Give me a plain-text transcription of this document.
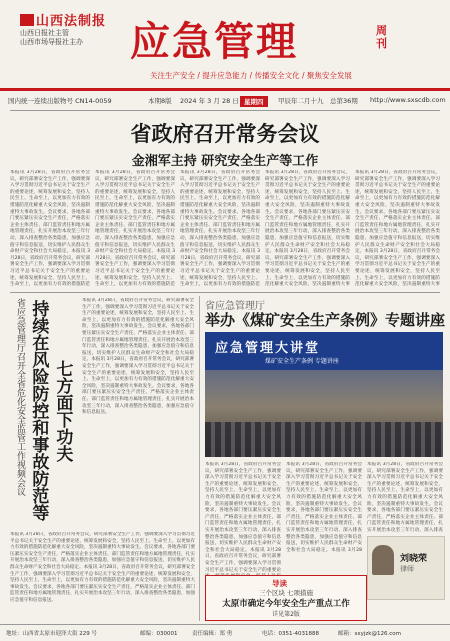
山西法制报
山西日报社主管
山西市场导报社主办 应急管理	周刊
关注生产安全 / 提升应急能力 / 传播安全文化 / 聚焦安全发展
国内统一连续出版物号 CN14-0059	本期8版 2024 年 3 月 28 日 星期四	甲辰年二月十九 总第36期 http://www.sxscdb.com
省政府召开常务会议
金湘军主持 研究安全生产等工作
本报讯 3月28日，省政府召开常务会议，研究部署安全生产工作，强调要深入学习贯彻习近平总书记关于安全生产的重要论述，统筹发展和安全，坚持人民至上、生命至上，以更加有力有效的措施防范化解重大安全风险，坚决遏制重特大事故发生。会议要求，各地各部门要压紧压实安全生产责任，严格落实企业主体责任、部门监管责任和地方属地管理责任，扎实开展治本攻坚三年行动，深入排查整治各类隐患，加强应急值守和信息报送，切实维护人民群众生命财产安全和社会大局稳定。本报讯 3月28日，省政府召开常务会议，研究部署安全生产工作，强调要深入学习贯彻习近平总书记关于安全生产的重要论述，统筹发展和安全，坚持人民至上、生命至上，以更加有力有效的措施防范化解重大安全风险，坚决遏制重特大事故发生。会议要求，各地各部门要压紧压实安全生产责任，严格落实企业主体责任、部门监管责任和地方属地管理责任，扎实开展治本攻坚三年行动，深入排查整治各类隐患，加强应急值守和信息报送。
本报讯 3月28日，省政府召开常务会议，研究部署安全生产工作，强调要深入学习贯彻习近平总书记关于安全生产的重要论述，统筹发展和安全，坚持人民至上、生命至上，以更加有力有效的措施防范化解重大安全风险，坚决遏制重特大事故发生。会议要求，各地各部门要压紧压实安全生产责任，严格落实企业主体责任、部门监管责任和地方属地管理责任，扎实开展治本攻坚三年行动，深入排查整治各类隐患，加强应急值守和信息报送，切实维护人民群众生命财产安全和社会大局稳定。本报讯 3月28日，省政府召开常务会议，研究部署安全生产工作，强调要深入学习贯彻习近平总书记关于安全生产的重要论述，统筹发展和安全，坚持人民至上、生命至上，以更加有力有效的措施防范化解重大安全风险，坚决遏制重特大事故发生。会议要求，各地各部门要压紧压实安全生产责任，严格落实企业主体责任、部门监管责任和地方属地管理责任，扎实开展治本攻坚三年行动，深入排查整治各类隐患，加强应急值守和信息报送。
本报讯 3月28日，省政府召开常务会议，研究部署安全生产工作，强调要深入学习贯彻习近平总书记关于安全生产的重要论述，统筹发展和安全，坚持人民至上、生命至上，以更加有力有效的措施防范化解重大安全风险，坚决遏制重特大事故发生。会议要求，各地各部门要压紧压实安全生产责任，严格落实企业主体责任、部门监管责任和地方属地管理责任，扎实开展治本攻坚三年行动，深入排查整治各类隐患，加强应急值守和信息报送，切实维护人民群众生命财产安全和社会大局稳定。本报讯 3月28日，省政府召开常务会议，研究部署安全生产工作，强调要深入学习贯彻习近平总书记关于安全生产的重要论述，统筹发展和安全，坚持人民至上、生命至上，以更加有力有效的措施防范化解重大安全风险，坚决遏制重特大事故发生。会议要求，各地各部门要压紧压实安全生产责任，严格落实企业主体责任、部门监管责任和地方属地管理责任，扎实开展治本攻坚三年行动，深入排查整治各类隐患，加强应急值守和信息报送。
本报讯 3月28日，省政府召开常务会议，研究部署安全生产工作，强调要深入学习贯彻习近平总书记关于安全生产的重要论述，统筹发展和安全，坚持人民至上、生命至上，以更加有力有效的措施防范化解重大安全风险，坚决遏制重特大事故发生。会议要求，各地各部门要压紧压实安全生产责任，严格落实企业主体责任、部门监管责任和地方属地管理责任，扎实开展治本攻坚三年行动，深入排查整治各类隐患，加强应急值守和信息报送，切实维护人民群众生命财产安全和社会大局稳定。本报讯 3月28日，省政府召开常务会议，研究部署安全生产工作，强调要深入学习贯彻习近平总书记关于安全生产的重要论述，统筹发展和安全，坚持人民至上、生命至上，以更加有力有效的措施防范化解重大安全风险，坚决遏制重特大事故发生。会议要求，各地各部门要压紧压实安全生产责任，严格落实企业主体责任、部门监管责任和地方属地管理责任，扎实开展治本攻坚三年行动，深入排查整治各类隐患，加强应急值守和信息报送。
本报讯 3月28日，省政府召开常务会议，研究部署安全生产工作，强调要深入学习贯彻习近平总书记关于安全生产的重要论述，统筹发展和安全，坚持人民至上、生命至上，以更加有力有效的措施防范化解重大安全风险，坚决遏制重特大事故发生。会议要求，各地各部门要压紧压实安全生产责任，严格落实企业主体责任、部门监管责任和地方属地管理责任，扎实开展治本攻坚三年行动，深入排查整治各类隐患，加强应急值守和信息报送，切实维护人民群众生命财产安全和社会大局稳定。本报讯 3月28日，省政府召开常务会议，研究部署安全生产工作，强调要深入学习贯彻习近平总书记关于安全生产的重要论述，统筹发展和安全，坚持人民至上、生命至上，以更加有力有效的措施防范化解重大安全风险，坚决遏制重特大事故发生。会议要求，各地各部门要压紧压实安全生产责任，严格落实企业主体责任、部门监管责任和地方属地管理责任，扎实开展治本攻坚三年行动，深入排查整治各类隐患，加强应急值守和信息报送。
省应急管理厅召开全省危化安全监管工作视频会议 持续在风险防控和事故防范等 七方面下功夫
本报讯 3月28日，省政府召开常务会议，研究部署安全生产工作，强调要深入学习贯彻习近平总书记关于安全生产的重要论述，统筹发展和安全，坚持人民至上、生命至上，以更加有力有效的措施防范化解重大安全风险，坚决遏制重特大事故发生。会议要求，各地各部门要压紧压实安全生产责任，严格落实企业主体责任、部门监管责任和地方属地管理责任，扎实开展治本攻坚三年行动，深入排查整治各类隐患，加强应急值守和信息报送，切实维护人民群众生命财产安全和社会大局稳定。本报讯 3月28日，省政府召开常务会议，研究部署安全生产工作，强调要深入学习贯彻习近平总书记关于安全生产的重要论述，统筹发展和安全，坚持人民至上、生命至上，以更加有力有效的措施防范化解重大安全风险，坚决遏制重特大事故发生。会议要求，各地各部门要压紧压实安全生产责任，严格落实企业主体责任、部门监管责任和地方属地管理责任，扎实开展治本攻坚三年行动，深入排查整治各类隐患，加强应急值守和信息报送。
本报讯 3月28日，省政府召开常务会议，研究部署安全生产工作，强调要深入学习贯彻习近平总书记关于安全生产的重要论述，统筹发展和安全，坚持人民至上、生命至上，以更加有力有效的措施防范化解重大安全风险，坚决遏制重特大事故发生。会议要求，各地各部门要压紧压实安全生产责任，严格落实企业主体责任、部门监管责任和地方属地管理责任，扎实开展治本攻坚三年行动，深入排查整治各类隐患，加强应急值守和信息报送，切实维护人民群众生命财产安全和社会大局稳定。本报讯 3月28日，省政府召开常务会议，研究部署安全生产工作，强调要深入学习贯彻习近平总书记关于安全生产的重要论述，统筹发展和安全，坚持人民至上、生命至上，以更加有力有效的措施防范化解重大安全风险，坚决遏制重特大事故发生。会议要求，各地各部门要压紧压实安全生产责任，严格落实企业主体责任、部门监管责任和地方属地管理责任，扎实开展治本攻坚三年行动，深入排查整治各类隐患，加强应急值守和信息报送。
省应急管理厅
举办《煤矿安全生产条例》专题讲座
应急管理大讲堂
煤矿安全生产条例 专题讲座
本报讯 3月28日，省政府召开常务会议，研究部署安全生产工作，强调要深入学习贯彻习近平总书记关于安全生产的重要论述，统筹发展和安全，坚持人民至上、生命至上，以更加有力有效的措施防范化解重大安全风险，坚决遏制重特大事故发生。会议要求，各地各部门要压紧压实安全生产责任，严格落实企业主体责任、部门监管责任和地方属地管理责任，扎实开展治本攻坚三年行动，深入排查整治各类隐患，加强应急值守和信息报送，切实维护人民群众生命财产安全和社会大局稳定。本报讯 3月28日，省政府召开常务会议，研究部署安全生产工作，强调要深入学习贯彻习近平总书记关于安全生产的重要论述，统筹发展和安全，坚持人民至上、生命至上，以更加有力有效的措施防范化解重大安全风险，坚决遏制重特大事故发生。会议要求，各地各部门要压紧压实安全生产责任，严格落实企业主体责任、部门监管责任和地方属地管理责任，扎实开展治本攻坚三年行动，深入排查整治各类隐患，加强应急值守和信息报送。
本报讯 3月28日，省政府召开常务会议，研究部署安全生产工作，强调要深入学习贯彻习近平总书记关于安全生产的重要论述，统筹发展和安全，坚持人民至上、生命至上，以更加有力有效的措施防范化解重大安全风险，坚决遏制重特大事故发生。会议要求，各地各部门要压紧压实安全生产责任，严格落实企业主体责任、部门监管责任和地方属地管理责任，扎实开展治本攻坚三年行动，深入排查整治各类隐患，加强应急值守和信息报送，切实维护人民群众生命财产安全和社会大局稳定。本报讯 3月28日，省政府召开常务会议，研究部署安全生产工作，强调要深入学习贯彻习近平总书记关于安全生产的重要论述，统筹发展和安全，坚持人民至上、生命至上，以更加有力有效的措施防范化解重大安全风险，坚决遏制重特大事故发生。会议要求，各地各部门要压紧压实安全生产责任，严格落实企业主体责任、部门监管责任和地方属地管理责任，扎实开展治本攻坚三年行动，深入排查整治各类隐患，加强应急值守和信息报送。
本报讯 3月28日，省政府召开常务会议，研究部署安全生产工作，强调要深入学习贯彻习近平总书记关于安全生产的重要论述，统筹发展和安全，坚持人民至上、生命至上，以更加有力有效的措施防范化解重大安全风险，坚决遏制重特大事故发生。会议要求，各地各部门要压紧压实安全生产责任，严格落实企业主体责任、部门监管责任和地方属地管理责任，扎实开展治本攻坚三年行动，深入排查整治各类隐患，加强应急值守和信息报送，切实维护人民群众生命财产安全和社会大局稳定。本报讯 3月28日，省政府召开常务会议，研究部署安全生产工作，强调要深入学习贯彻习近平总书记关于安全生产的重要论述，统筹发展和安全，坚持人民至上、生命至上，以更加有力有效的措施防范化解重大安全风险，坚决遏制重特大事故发生。会议要求，各地各部门要压紧压实安全生产责任，严格落实企业主体责任、部门监管责任和地方属地管理责任，扎实开展治本攻坚三年行动，深入排查整治各类隐患，加强应急值守和信息报送。
刘晓荣
律师
导读
三个区块 七项措施
太原市确定今年安全生产重点工作
详见第2版
地址：山西省太原市迎泽大街 229 号	邮编：030001	责任编辑：郑 勇	电话：0351-4031888	邮箱：sxyjzk@126.com
